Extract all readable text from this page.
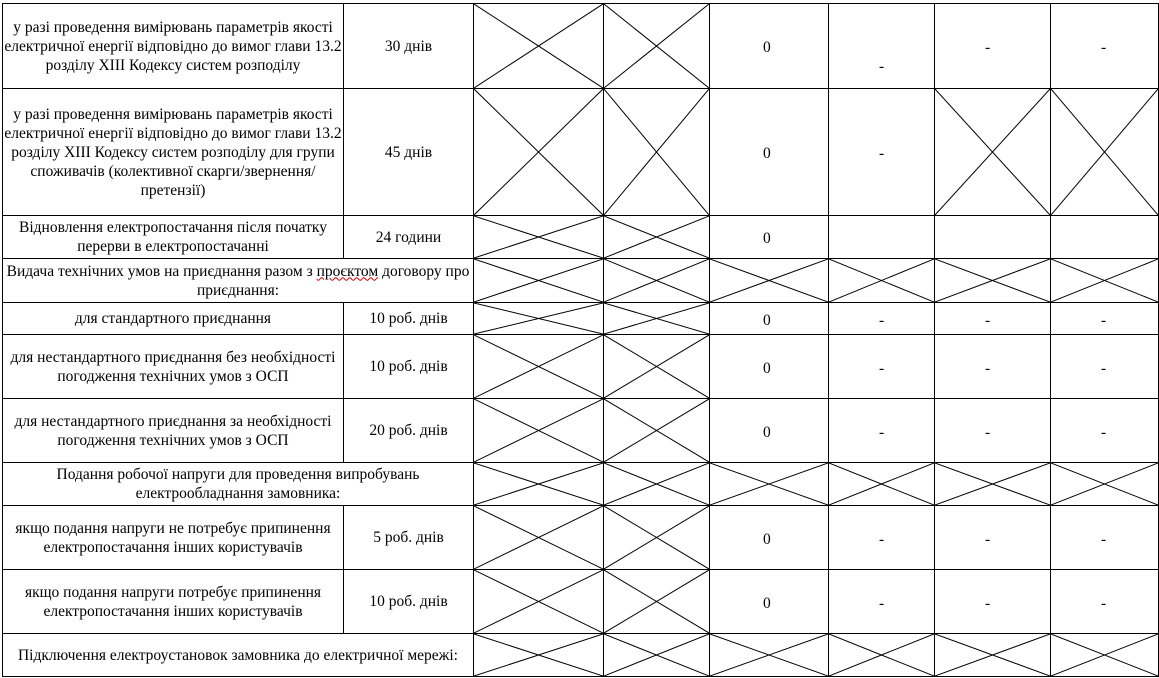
у разі проведення вимірювань параметрів якості електричної енергії відповідно до вимог глави 13.2 розділу XIII Кодексу систем розподілу	30 днів			0	-	-	-

у разі проведення вимірювань параметрів якості електричної енергії відповідно до вимог глави 13.2 розділу XIII Кодексу систем розподілу для групи споживачів (колективної скарги/звернення/претензії)	45 днів			0	-

Відновлення електропостачання після початку перерви в електропостачанні	24 години			0			

Видача технічних умов на приєднання разом з проєктом договору про приєднання:	

для стандартного приєднання	10 роб. днів			0	-	-	-

для нестандартного приєднання без необхідності погодження технічних умов з ОСП	10 роб. днів			0	-	-	-

для нестандартного приєднання за необхідності погодження технічних умов з ОСП	20 роб. днів			0	-	-	-

Подання робочої напруги для проведення випробувань електрообладнання замовника:	

якщо подання напруги не потребує припинення електропостачання інших користувачів	5 роб. днів			0	-	-	-

якщо подання напруги потребує припинення електропостачання інших користувачів	10 роб. днів			0	-	-	-

Підключення електроустановок замовника до електричної мережі:	
